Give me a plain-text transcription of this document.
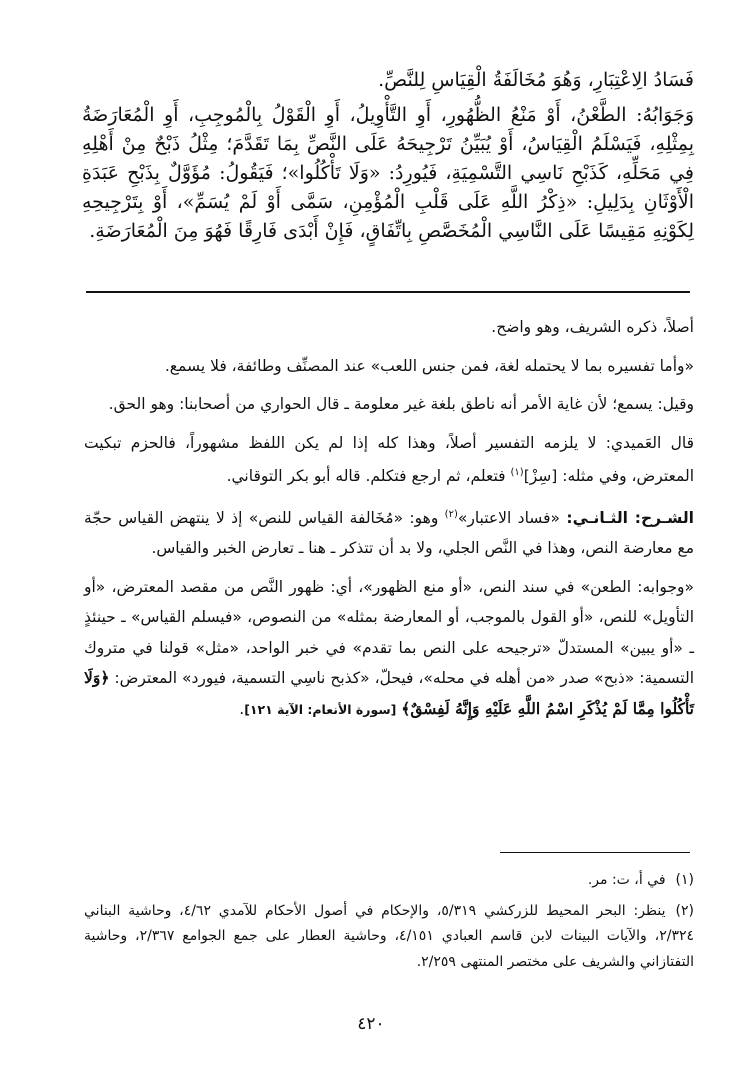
فَسَادُ الِاعْتِبَارِ، وَهُوَ مُخَالَفَةُ الْقِيَاسِ لِلنَّصِّ.

وَجَوَابُهُ: الطَّعْنُ، أَوْ مَنْعُ الظُّهُورِ، أَوِ التَّأْوِيلُ، أَوِ الْقَوْلُ بِالْمُوجِبِ، أَوِ الْمُعَارَضَةُ بِمِثْلِهِ، فَيَسْلَمُ الْقِيَاسُ، أَوْ يُبَيِّنُ تَرْجِيحَهُ عَلَى النَّصِّ بِمَا تَقَدَّمَ؛ مِثْلُ ذَبْحٌ مِنْ أَهْلِهِ فِي مَحَلِّهِ، كَذَبْحِ نَاسِي التَّسْمِيَةِ، فَيُورِدُ: «وَلَا تَأْكُلُوا»؛ فَيَقُولُ: مُؤَوَّلٌ بِذَبْحِ عَبَدَةِ الْأَوْثَانِ بِدَلِيلِ: «ذِكْرُ اللَّهِ عَلَى قَلْبِ الْمُؤْمِنِ، سَمَّى أَوْ لَمْ يُسَمِّ»، أَوْ بِتَرْجِيحِهِ لِكَوْنِهِ مَقِيسًا عَلَى النَّاسِي الْمُخَصَّصِ بِاتِّفَاقٍ، فَإِنْ أَبْدَى فَارِقًا فَهُوَ مِنَ الْمُعَارَضَةِ.

أصلاً، ذكره الشريف، وهو واضح.

«وأما تفسيره بما لا يحتمله لغة، فمن جنس اللعب» عند المصنِّف وطائفة، فلا يسمع.

وقيل: يسمع؛ لأن غاية الأمر أنه ناطق بلغة غير معلومة ـ قال الحواري من أصحابنا: وهو الحق.

قال العَميدي: لا يلزمه التفسير أصلاً، وهذا كله إذا لم يكن اللفظ مشهوراً، فالحزم تبكيت المعترض، وفي مثله: [سِزْ]$^{(١)}$ فتعلم، ثم ارجع فتكلم. قاله أبو بكر التوقاني.

الشـرح: الثـانـي: «فساد الاعتبار»$^{(٢)}$ وهو: «مُخَالفة القياس للنص» إذ لا ينتهض القياس حجّة مع معارضة النص، وهذا في النَّص الجلي، ولا بد أن تتذكر ـ هنا ـ تعارض الخبر والقياس.

«وجوابه: الطعن» في سند النص، «أو منع الظهور»، أي: ظهور النَّص من مقصد المعترض، «أو التأويل» للنص، «أو القول بالموجب، أو المعارضة بمثله» من النصوص، «فيسلم القياس» ـ حينئذٍ ـ «أو يبين» المستدلّ «ترجيحه على النص بما تقدم» في خبر الواحد، «مثل» قولنا في متروك التسمية: «ذبح» صدر «من أهله في محله»، فيحلّ، «كذبح ناسِي التسمية، فيورد» المعترض: ﴿وَلَا تَأْكُلُوا مِمَّا لَمْ يُذْكَرِ اسْمُ اللَّهِ عَلَيْهِ وَإِنَّهُ لَفِسْقٌ﴾ [سورة الأنعام: الآية ١٢١].

(١)في أ، ت: مر.

(٢)ينظر: البحر المحيط للزركشي ٥/٣١٩، والإحكام في أصول الأحكام للآمدي ٤/٦٢، وحاشية البناني ٢/٣٢٤، والآيات البينات لابن قاسم العبادي ٤/١٥١، وحاشية العطار على جمع الجوامع ٢/٣٦٧، وحاشية التفتازاني والشريف على مختصر المنتهى ٢/٢٥٩.

٤٢٠
